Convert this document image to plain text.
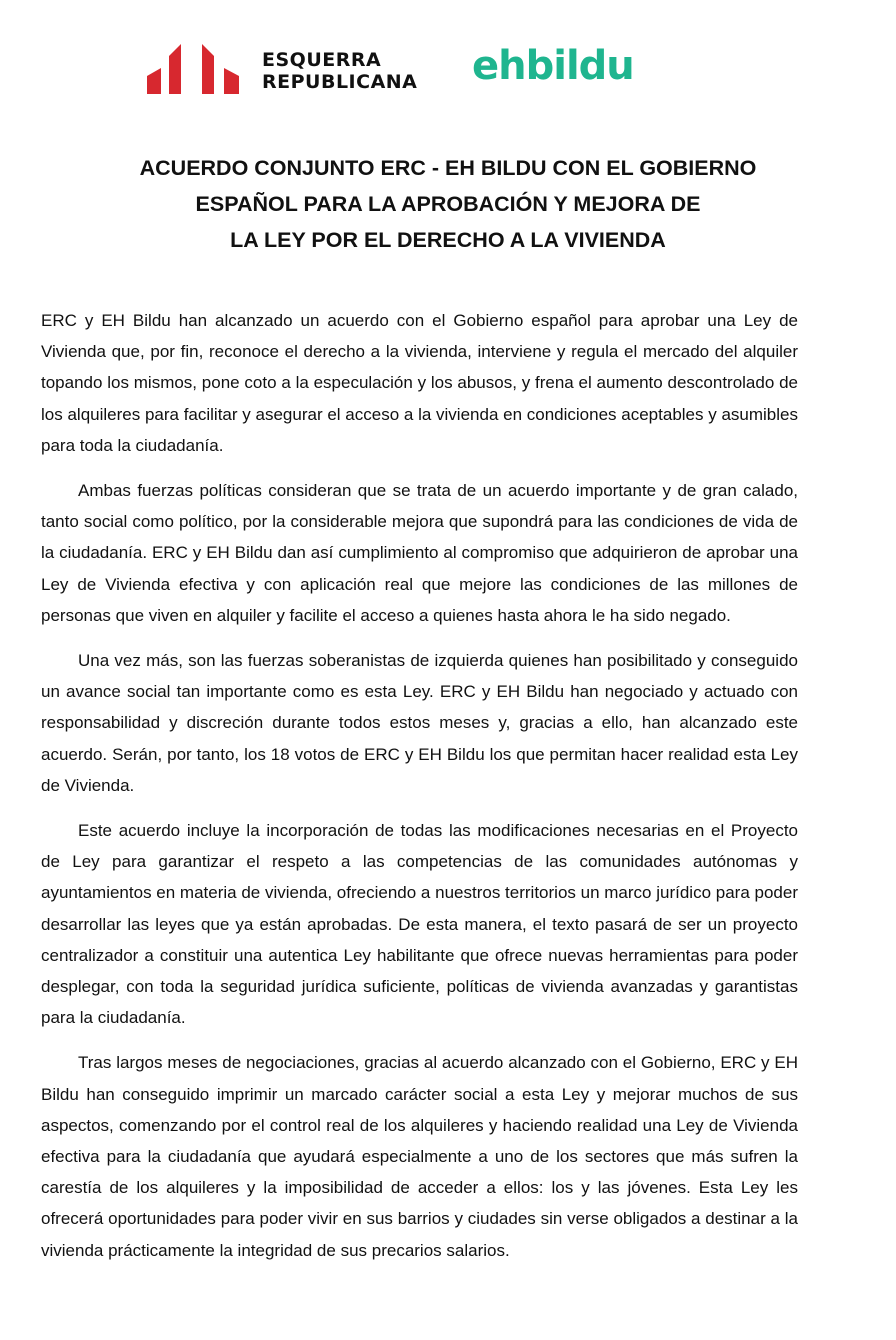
ESQUERRA
REPUBLICANA ehbildu
ACUERDO CONJUNTO ERC - EH BILDU CON EL GOBIERNO
ESPAÑOL PARA LA APROBACIÓN Y MEJORA DE
LA LEY POR EL DERECHO A LA VIVIENDA

ERC y EH Bildu han alcanzado un acuerdo con el Gobierno español para aprobar una Ley de Vivienda que, por fin, reconoce el derecho a la vivienda, interviene y regula el mercado del alquiler topando los mismos, pone coto a la especulación y los abusos, y frena el aumento descontrolado de los alquileres para facilitar y asegurar el acceso a la vivienda en condiciones aceptables y asumibles para toda la ciudadanía.

Ambas fuerzas políticas consideran que se trata de un acuerdo importante y de gran calado, tanto social como político, por la considerable mejora que supondrá para las condiciones de vida de la ciudadanía. ERC y EH Bildu dan así cumplimiento al compromiso que adquirieron de aprobar una Ley de Vivienda efectiva y con aplicación real que mejore las condiciones de las millones de personas que viven en alquiler y facilite el acceso a quienes hasta ahora le ha sido negado.

Una vez más, son las fuerzas soberanistas de izquierda quienes han posibilitado y conseguido un avance social tan importante como es esta Ley. ERC y EH Bildu han negociado y actuado con responsabilidad y discreción durante todos estos meses y, gracias a ello, han alcanzado este acuerdo. Serán, por tanto, los 18 votos de ERC y EH Bildu los que permitan hacer realidad esta Ley de Vivienda.

Este acuerdo incluye la incorporación de todas las modificaciones necesarias en el Proyecto de Ley para garantizar el respeto a las competencias de las comunidades autónomas y ayuntamientos en materia de vivienda, ofreciendo a nuestros territorios un marco jurídico para poder desarrollar las leyes que ya están aprobadas. De esta manera, el texto pasará de ser un proyecto centralizador a constituir una autentica Ley habilitante que ofrece nuevas herramientas para poder desplegar, con toda la seguridad jurídica suficiente, políticas de vivienda avanzadas y garantistas para la ciudadanía.

Tras largos meses de negociaciones, gracias al acuerdo alcanzado con el Gobierno, ERC y EH Bildu han conseguido imprimir un marcado carácter social a esta Ley y mejorar muchos de sus aspectos, comenzando por el control real de los alquileres y haciendo realidad una Ley de Vivienda efectiva para la ciudadanía que ayudará especialmente a uno de los sectores que más sufren la carestía de los alquileres y la imposibilidad de acceder a ellos: los y las jóvenes. Esta Ley les ofrecerá oportunidades para poder vivir en sus barrios y ciudades sin verse obligados a destinar a la vivienda prácticamente la integridad de sus precarios salarios.
